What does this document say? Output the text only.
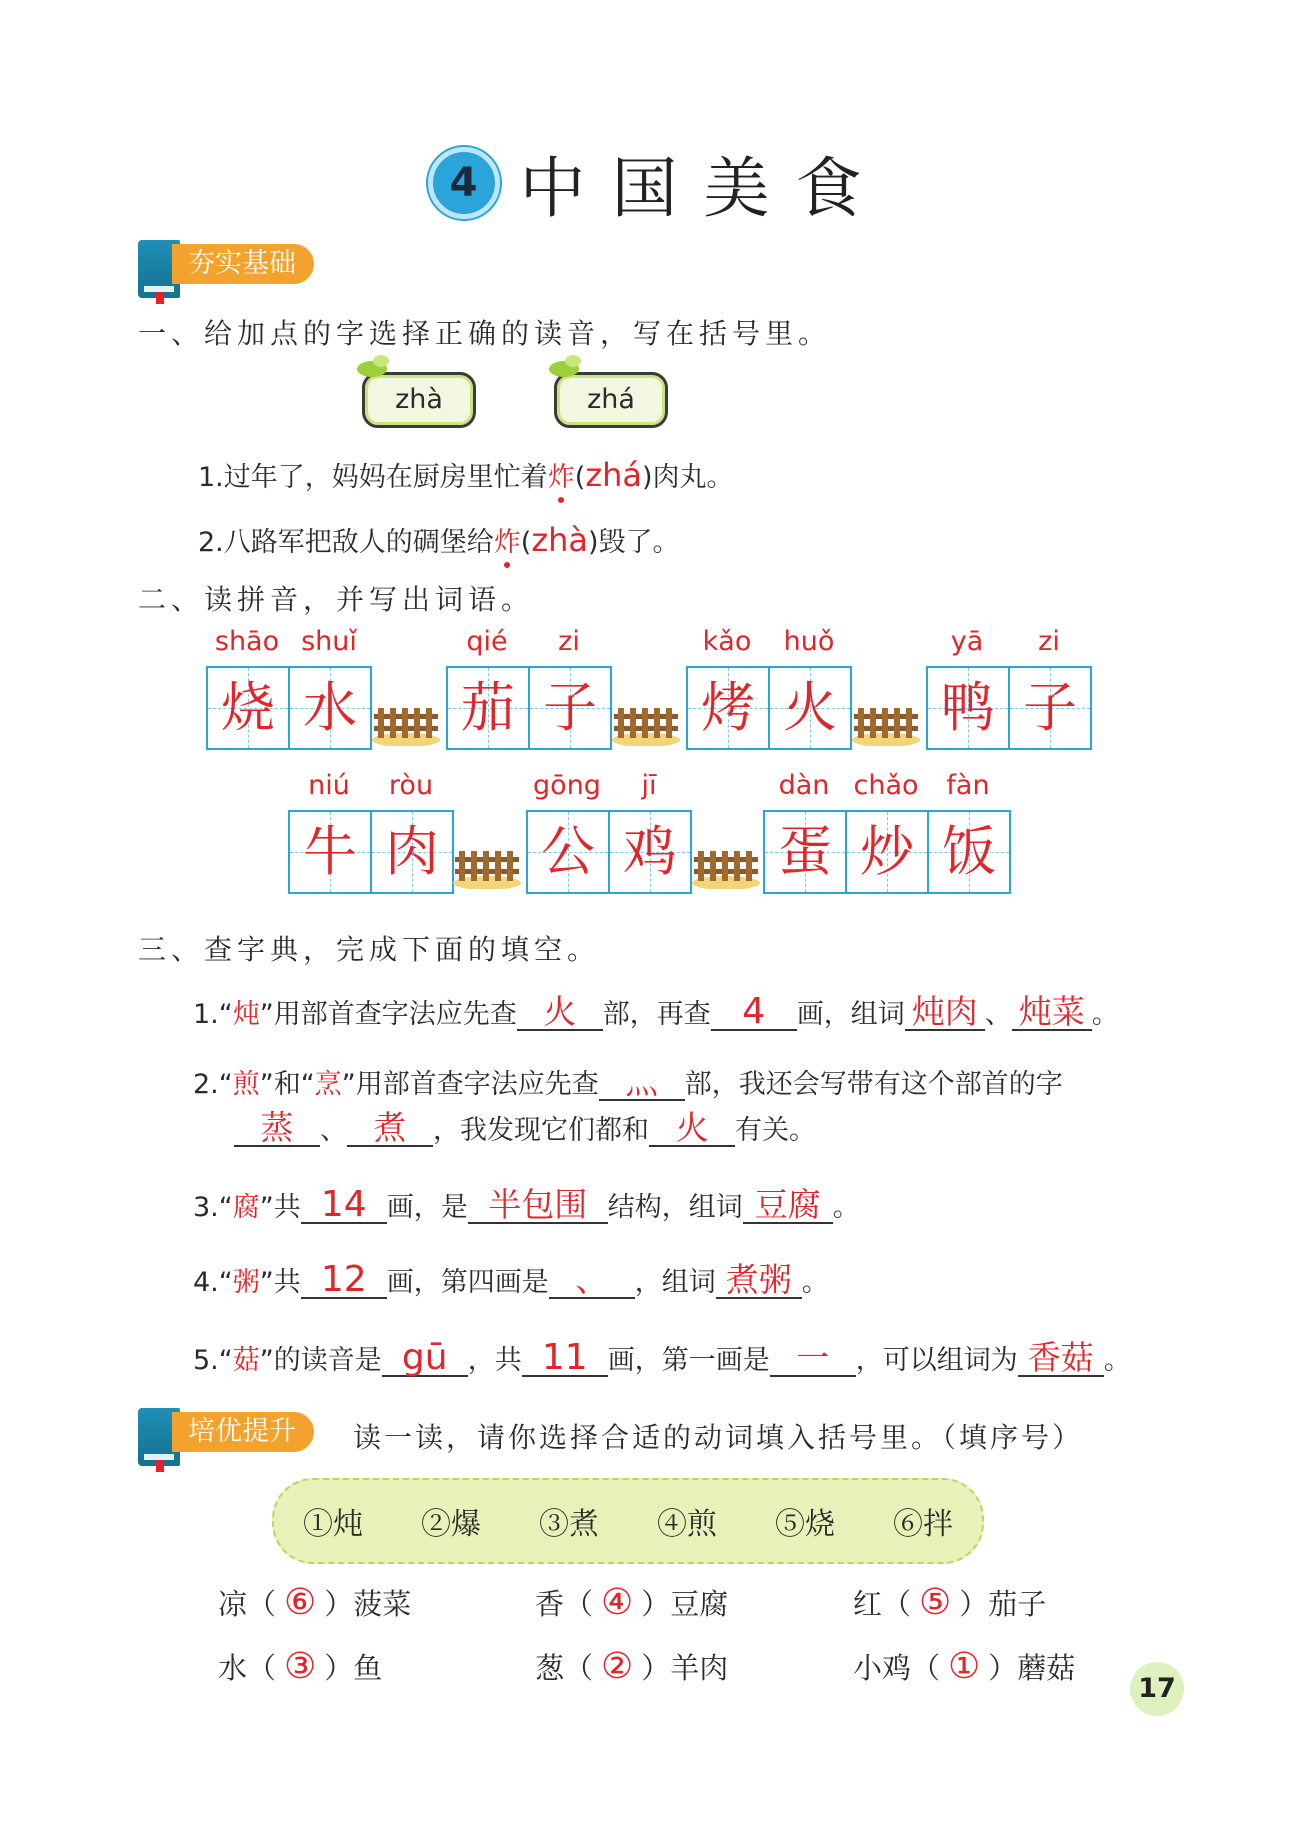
4 中国美食
夯实基础
一、给加点的字选择正确的读音，写在括号里。
zhà	zhá
1.过年了，妈妈在厨房里忙着炸(zhá)肉丸。
2.八路军把敌人的碉堡给炸(zhà)毁了。
二、读拼音，并写出词语。
shāo shuǐ	qié	zi	kǎo	huǒ	yā	zi
烧 水 茄 子 烤 火 鸭 子
niú	ròu	gōng	jī	dàn chǎo	fàn
牛 肉 公 鸡 蛋 炒 饭
三、查字典，完成下面的填空。
1.“炖”用部首查字法应先查 火 部，再查 4 画，组词 炖肉 、 炖菜 。
2.“煎”和“烹”用部首查字法应先查 灬 部，我还会写带有这个部首的字
蒸 、 煮 ，我发现它们都和 火 有关。
3.“腐”共 14 画，是 半包围 结构，组词 豆腐 。
4.“粥”共 12 画，第四画是 、 ，组词 煮粥 。
5.“菇”的读音是 gū ，共 11 画，第一画是 一 ，可以组词为 香菇 。
培优提升	读一读，请你选择合适的动词填入括号里。（填序号）
①炖 ②爆 ③煮 ④煎 ⑤烧 ⑥拌
凉（ ⑥ ）菠菜	香（ ④ ）豆腐	红（ ⑤ ）茄子
水（ ③ ）鱼	葱（ ② ）羊肉	小鸡（ ① ）蘑菇
17
